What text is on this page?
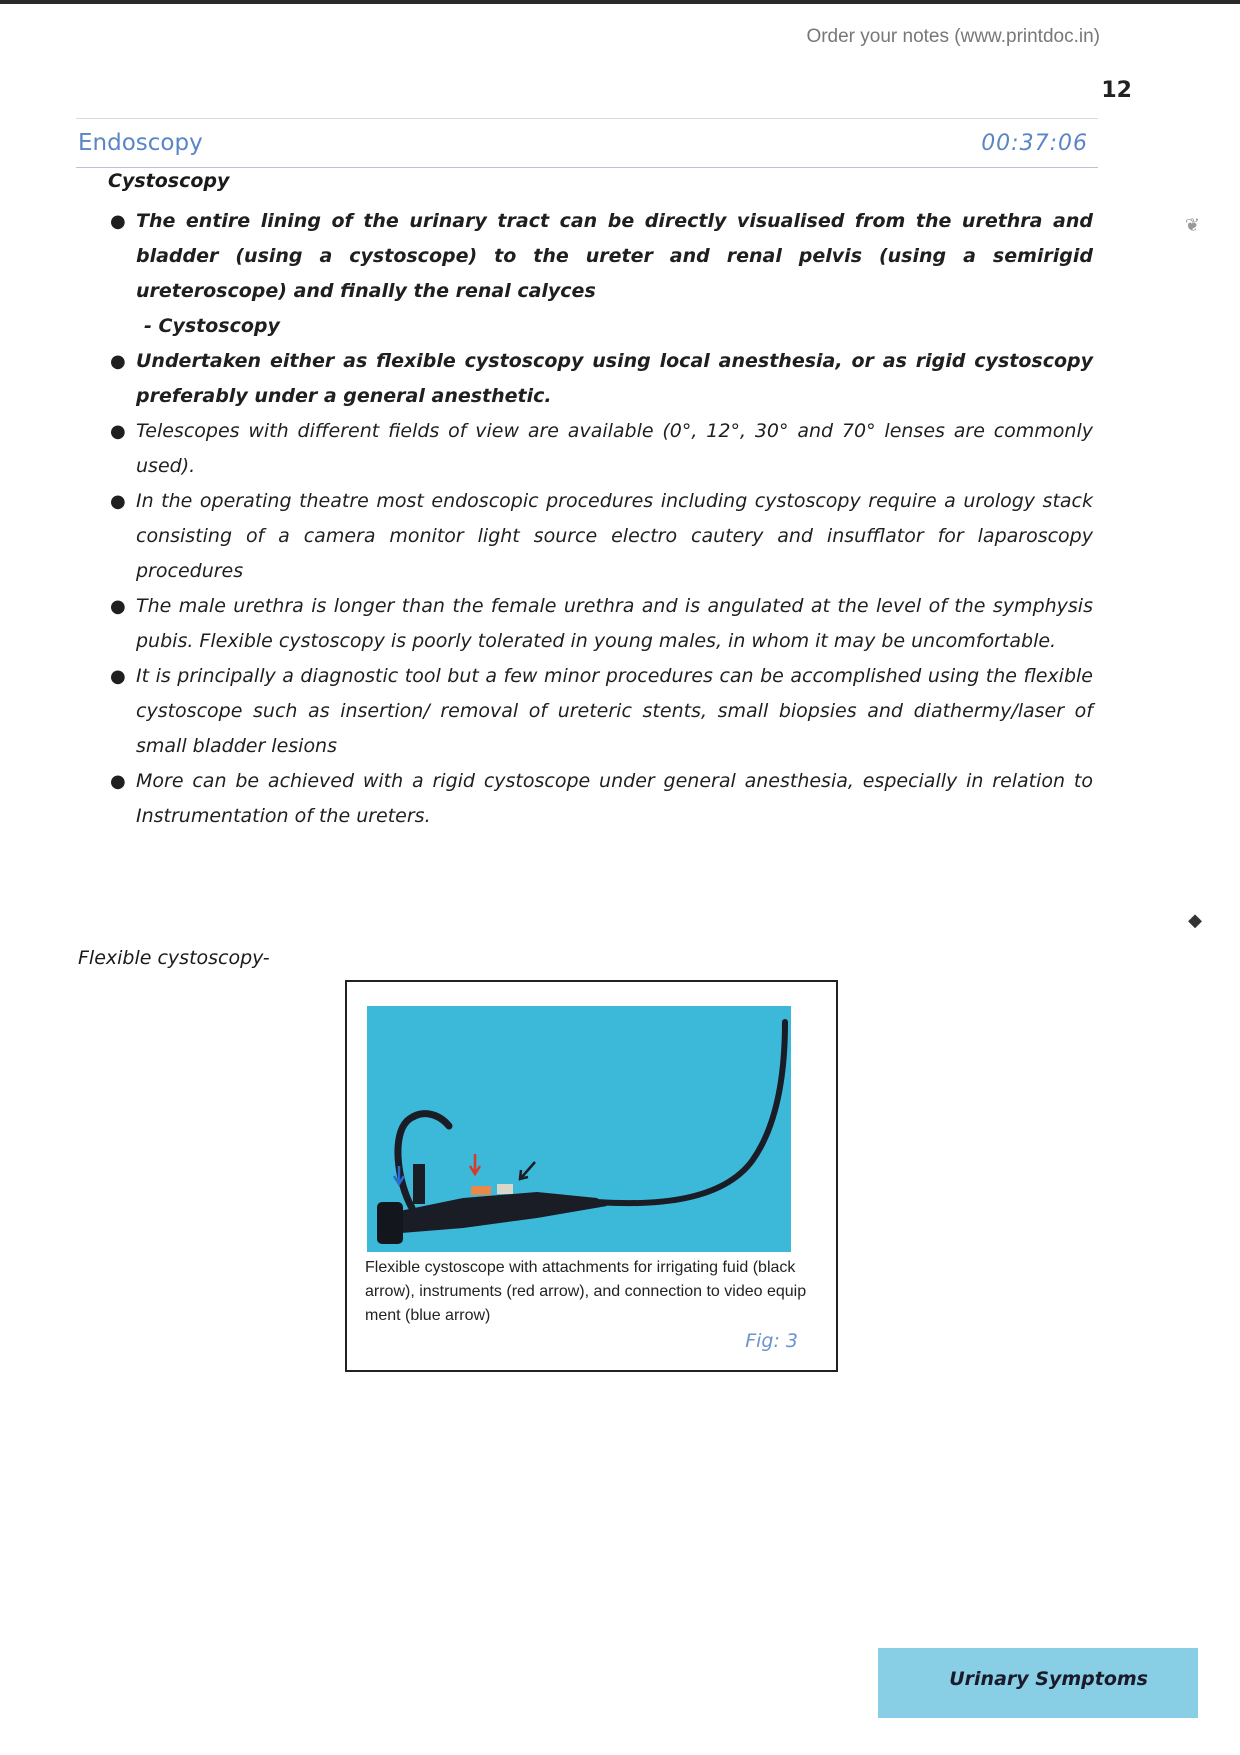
Order your notes (www.printdoc.in)
12
Endoscopy	00:37:06
Cystoscopy
● The entire lining of the urinary tract can be directly visualised from the urethra and bladder (using a cystoscope) to the ureter and renal pelvis (using a semirigid ureteroscope) and finally the renal calyces
- Cystoscopy
● Undertaken either as flexible cystoscopy using local anesthesia, or as rigid cystoscopy preferably under a general anesthetic.
● Telescopes with different fields of view are available (0°, 12°, 30° and 70° lenses are commonly used).
● In the operating theatre most endoscopic procedures including cystoscopy require a urology stack consisting of a camera monitor light source electro cautery and insufflator for laparoscopy procedures
● The male urethra is longer than the female urethra and is angulated at the level of the symphysis pubis. Flexible cystoscopy is poorly tolerated in young males, in whom it may be uncomfortable.
● It is principally a diagnostic tool but a few minor procedures can be accomplished using the flexible cystoscope such as insertion/ removal of ureteric stents, small biopsies and diathermy/laser of small bladder lesions
● More can be achieved with a rigid cystoscope under general anesthesia, especially in relation to Instrumentation of the ureters.
Flexible cystoscopy-
Flexible cystoscope with attachments for irrigating fuid (black arrow), instruments (red arrow), and connection to video equip ment (blue arrow)
Fig: 3
Urinary Symptoms
❦
◆
